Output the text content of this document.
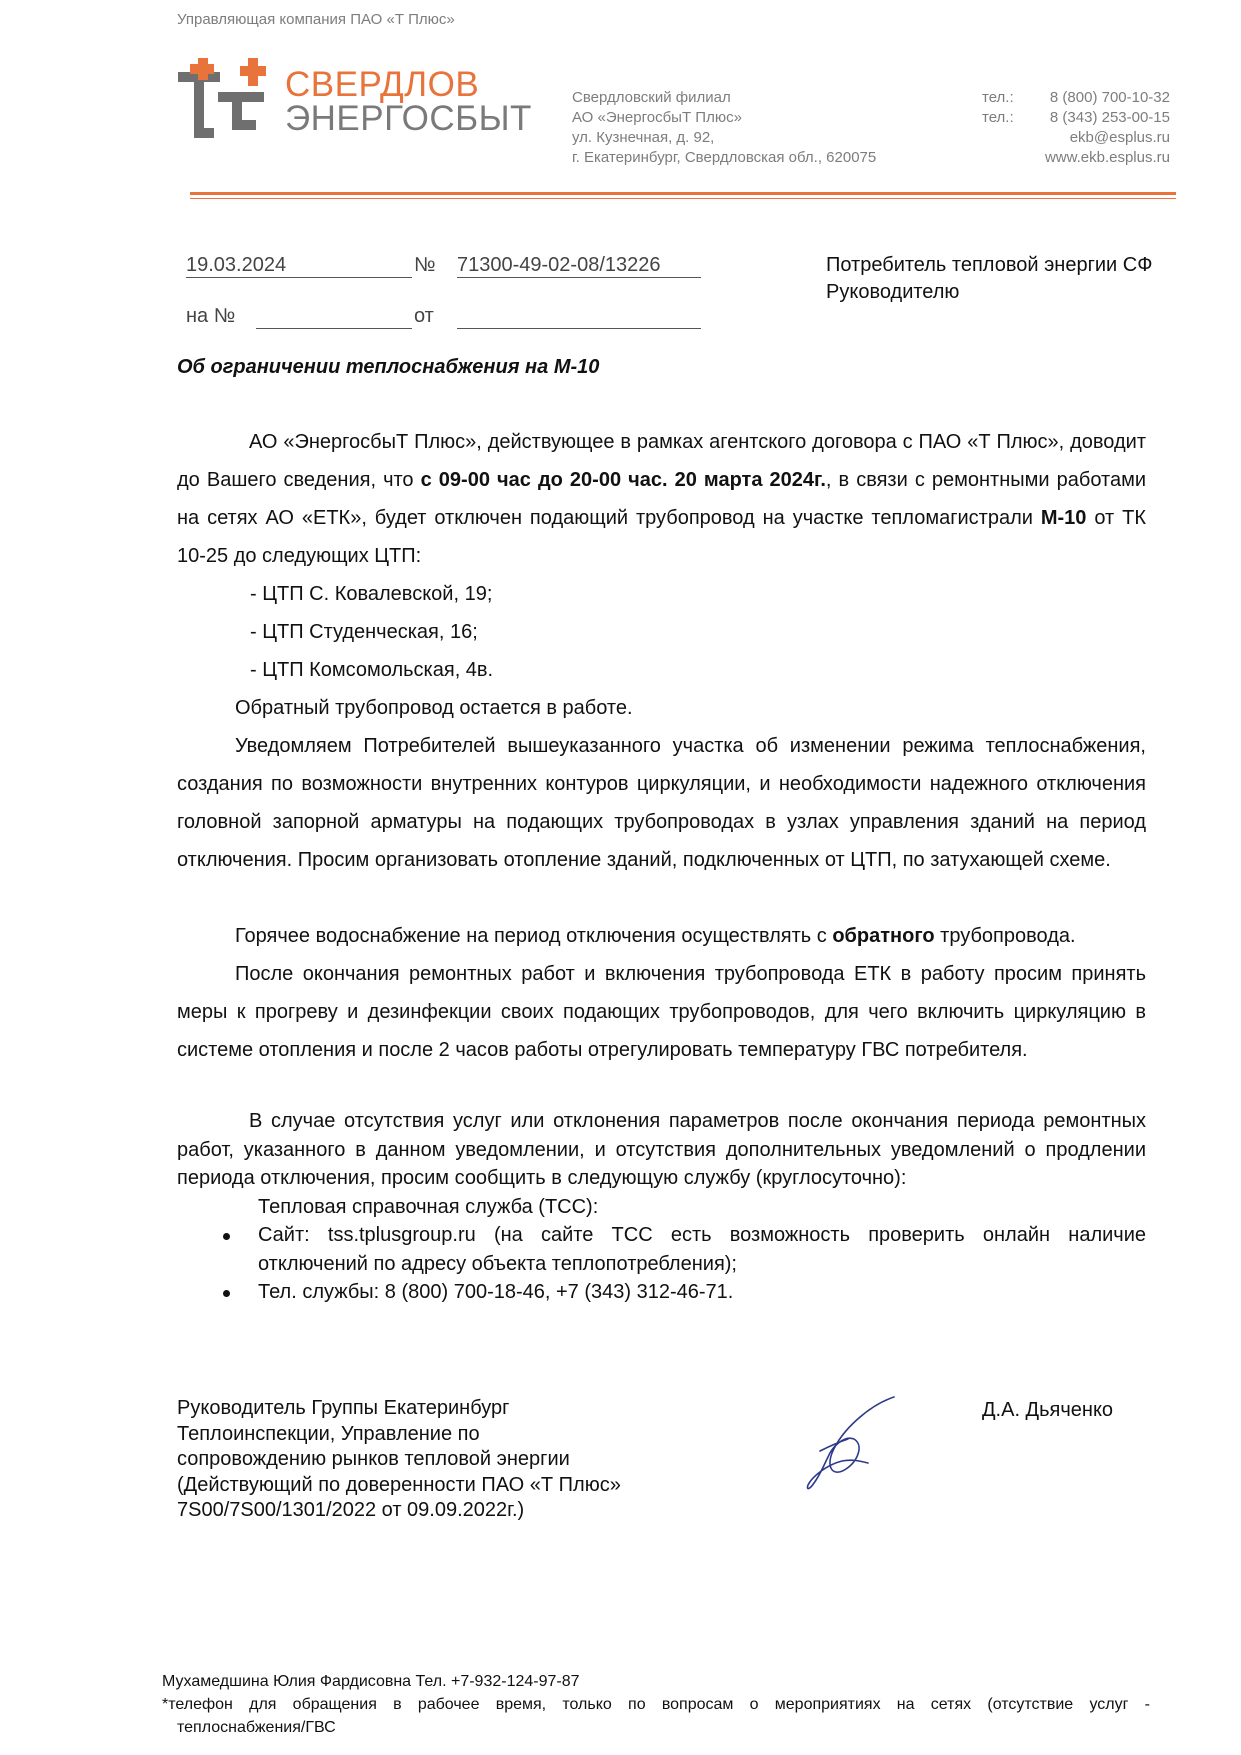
Управляющая компания ПАО «Т Плюс»
СВЕРДЛОВ
ЭНЕРГОСБЫТ
Свердловский филиал
АО «ЭнергосбыТ Плюс»
ул. Кузнечная, д. 92,
г. Екатеринбург, Свердловская обл., 620075
тел.: 8 (800) 700-10-32
тел.: 8 (343) 253-00-15
ekb@esplus.ru
www.ekb.esplus.ru
19.03.2024	№ 71300-49-02-08/13226
на №	от
Потребитель тепловой энергии СФ
Руководителю
Об ограничении теплоснабжения на М-10
АО «ЭнергосбыТ Плюс», действующее в рамках агентского договора с ПАО «Т Плюс», доводит до Вашего сведения, что с 09-00 час до 20-00 час. 20 марта 2024г., в связи с ремонтными работами на сетях АО «ЕТК», будет отключен подающий трубопровод на участке тепломагистрали М-10 от ТК 10-25 до следующих ЦТП:
- ЦТП С. Ковалевской, 19;
- ЦТП Студенческая, 16;
- ЦТП Комсомольская, 4в.
Обратный трубопровод остается в работе.
Уведомляем Потребителей вышеуказанного участка об изменении режима теплоснабжения, создания по возможности внутренних контуров циркуляции, и необходимости надежного отключения головной запорной арматуры на подающих трубопроводах в узлах управления зданий на период отключения. Просим организовать отопление зданий, подключенных от ЦТП, по затухающей схеме.
Горячее водоснабжение на период отключения осуществлять с обратного трубопровода.
После окончания ремонтных работ и включения трубопровода ЕТК в работу просим принять меры к прогреву и дезинфекции своих подающих трубопроводов, для чего включить циркуляцию в системе отопления и после 2 часов работы отрегулировать температуру ГВС потребителя.
В случае отсутствия услуг или отклонения параметров после окончания периода ремонтных работ, указанного в данном уведомлении, и отсутствия дополнительных уведомлений о продлении периода отключения, просим сообщить в следующую службу (круглосуточно):
Тепловая справочная служба (ТСС):
Сайт: tss.tplusgroup.ru (на сайте ТСС есть возможность проверить онлайн наличие отключений по адресу объекта теплопотребления);
Тел. службы: 8 (800) 700-18-46, +7 (343) 312-46-71.
Руководитель Группы Екатеринбург
Теплоинспекции, Управление по
сопровождению рынков тепловой энергии
(Действующий по доверенности ПАО «Т Плюс»
7S00/7S00/1301/2022 от 09.09.2022г.)
Д.А. Дьяченко
Мухамедшина Юлия Фардисовна Тел. +7-932-124-97-87
*телефон для обращения в рабочее время, только по вопросам о мероприятиях на сетях (отсутствие услуг -
теплоснабжения/ГВС
